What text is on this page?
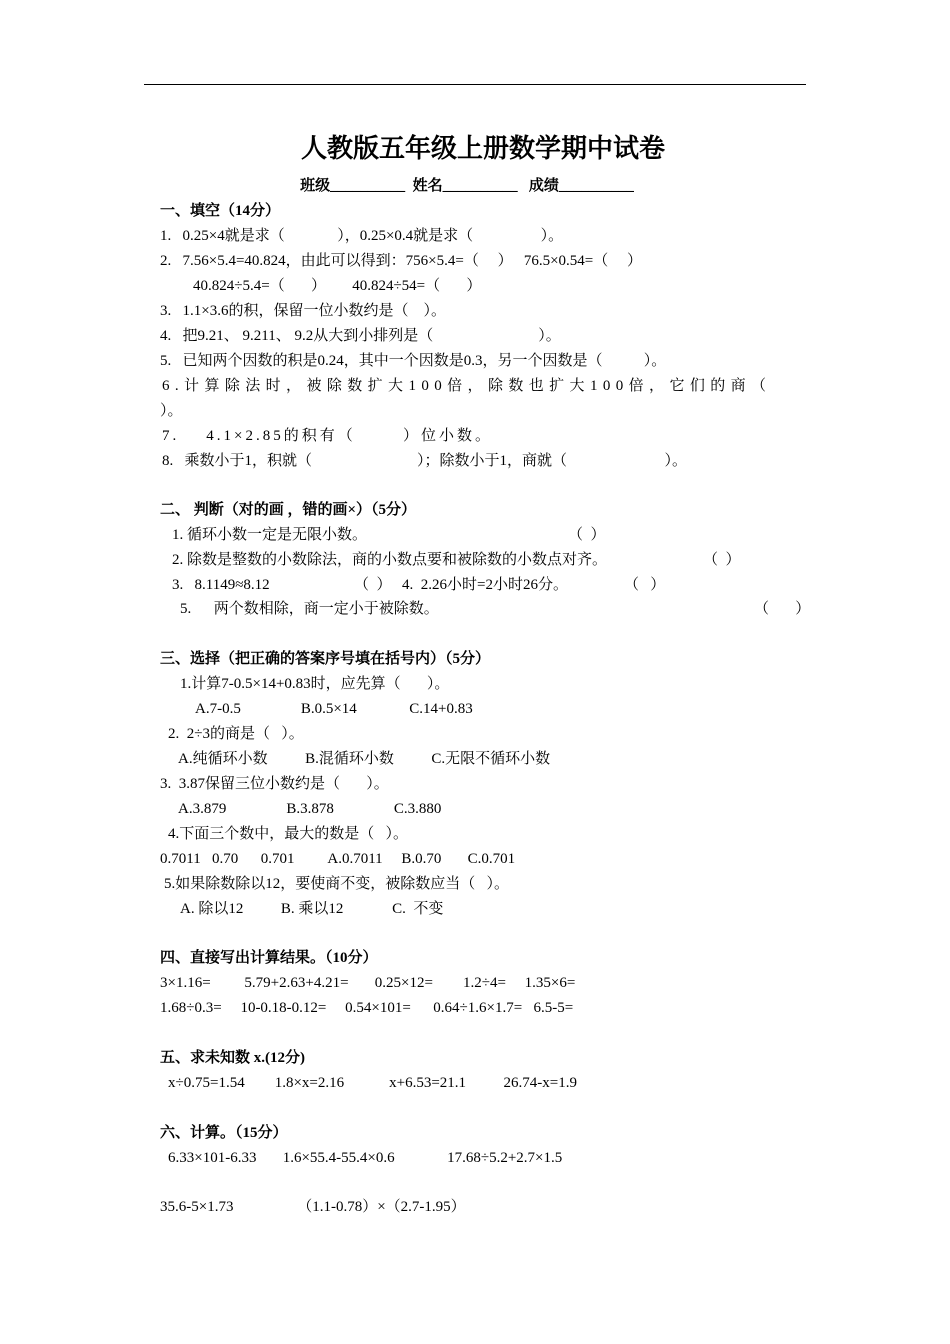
人教版五年级上册数学期中试卷
班级__________  姓名__________   成绩__________
一、填空（14分）
1.   0.25×4就是求（              ），0.25×0.4就是求（                  ）。
2.   7.56×5.4=40.824，由此可以得到：756×5.4=（     ）   76.5×0.54=（     ）
40.824÷5.4=（       ）       40.824÷54=（       ）
3.   1.1×3.6的积，保留一位小数约是（    ）。
4.   把9.21、 9.211、 9.2从大到小排列是（                            ）。
5.   已知两个因数的积是0.24，其中一个因数是0.3，另一个因数是（           ）。
6.计算除法时，被除数扩大100倍，除数也扩大100倍，它们的商（
）。
7.    4.1×2.85的积有（       ）位小数。
8.   乘数小于1，积就（                            ）；除数小于1，商就（                          ）。
二、 判断（对的画 ，错的画×）（5分）
1. 循环小数一定是无限小数。	（  ）
2. 除数是整数的小数除法，商的小数点要和被除数的小数点对齐。	（  ）
3.   8.1149≈8.12	（  ） 4.  2.26小时=2小时26分。	（   ）
5.      两个数相除，商一定小于被除数。	（       ）
三、选择（把正确的答案序号填在括号内）（5分）
1.计算7-0.5×14+0.83时，应先算（       ）。
A.7-0.5                B.0.5×14              C.14+0.83
2.  2÷3的商是（   ）。
A.纯循环小数          B.混循环小数          C.无限不循环小数
3.  3.87保留三位小数约是（       ）。
A.3.879                B.3.878                C.3.880
4.下面三个数中，最大的数是（   ）。
0.7011   0.70      0.701         A.0.7011     B.0.70       C.0.701
5.如果除数除以12，要使商不变，被除数应当（   ）。
A. 除以12          B. 乘以12             C.  不变
四、直接写出计算结果。（10分）
3×1.16=         5.79+2.63+4.21=       0.25×12=        1.2÷4=     1.35×6=
1.68÷0.3=     10-0.18-0.12=     0.54×101=      0.64÷1.6×1.7=   6.5-5=
五、求未知数 x.(12分)
x÷0.75=1.54        1.8×x=2.16            x+6.53=21.1          26.74-x=1.9
六、计算。（15分）
6.33×101-6.33       1.6×55.4-55.4×0.6              17.68÷5.2+2.7×1.5
35.6-5×1.73                 （1.1-0.78）×（2.7-1.95）
